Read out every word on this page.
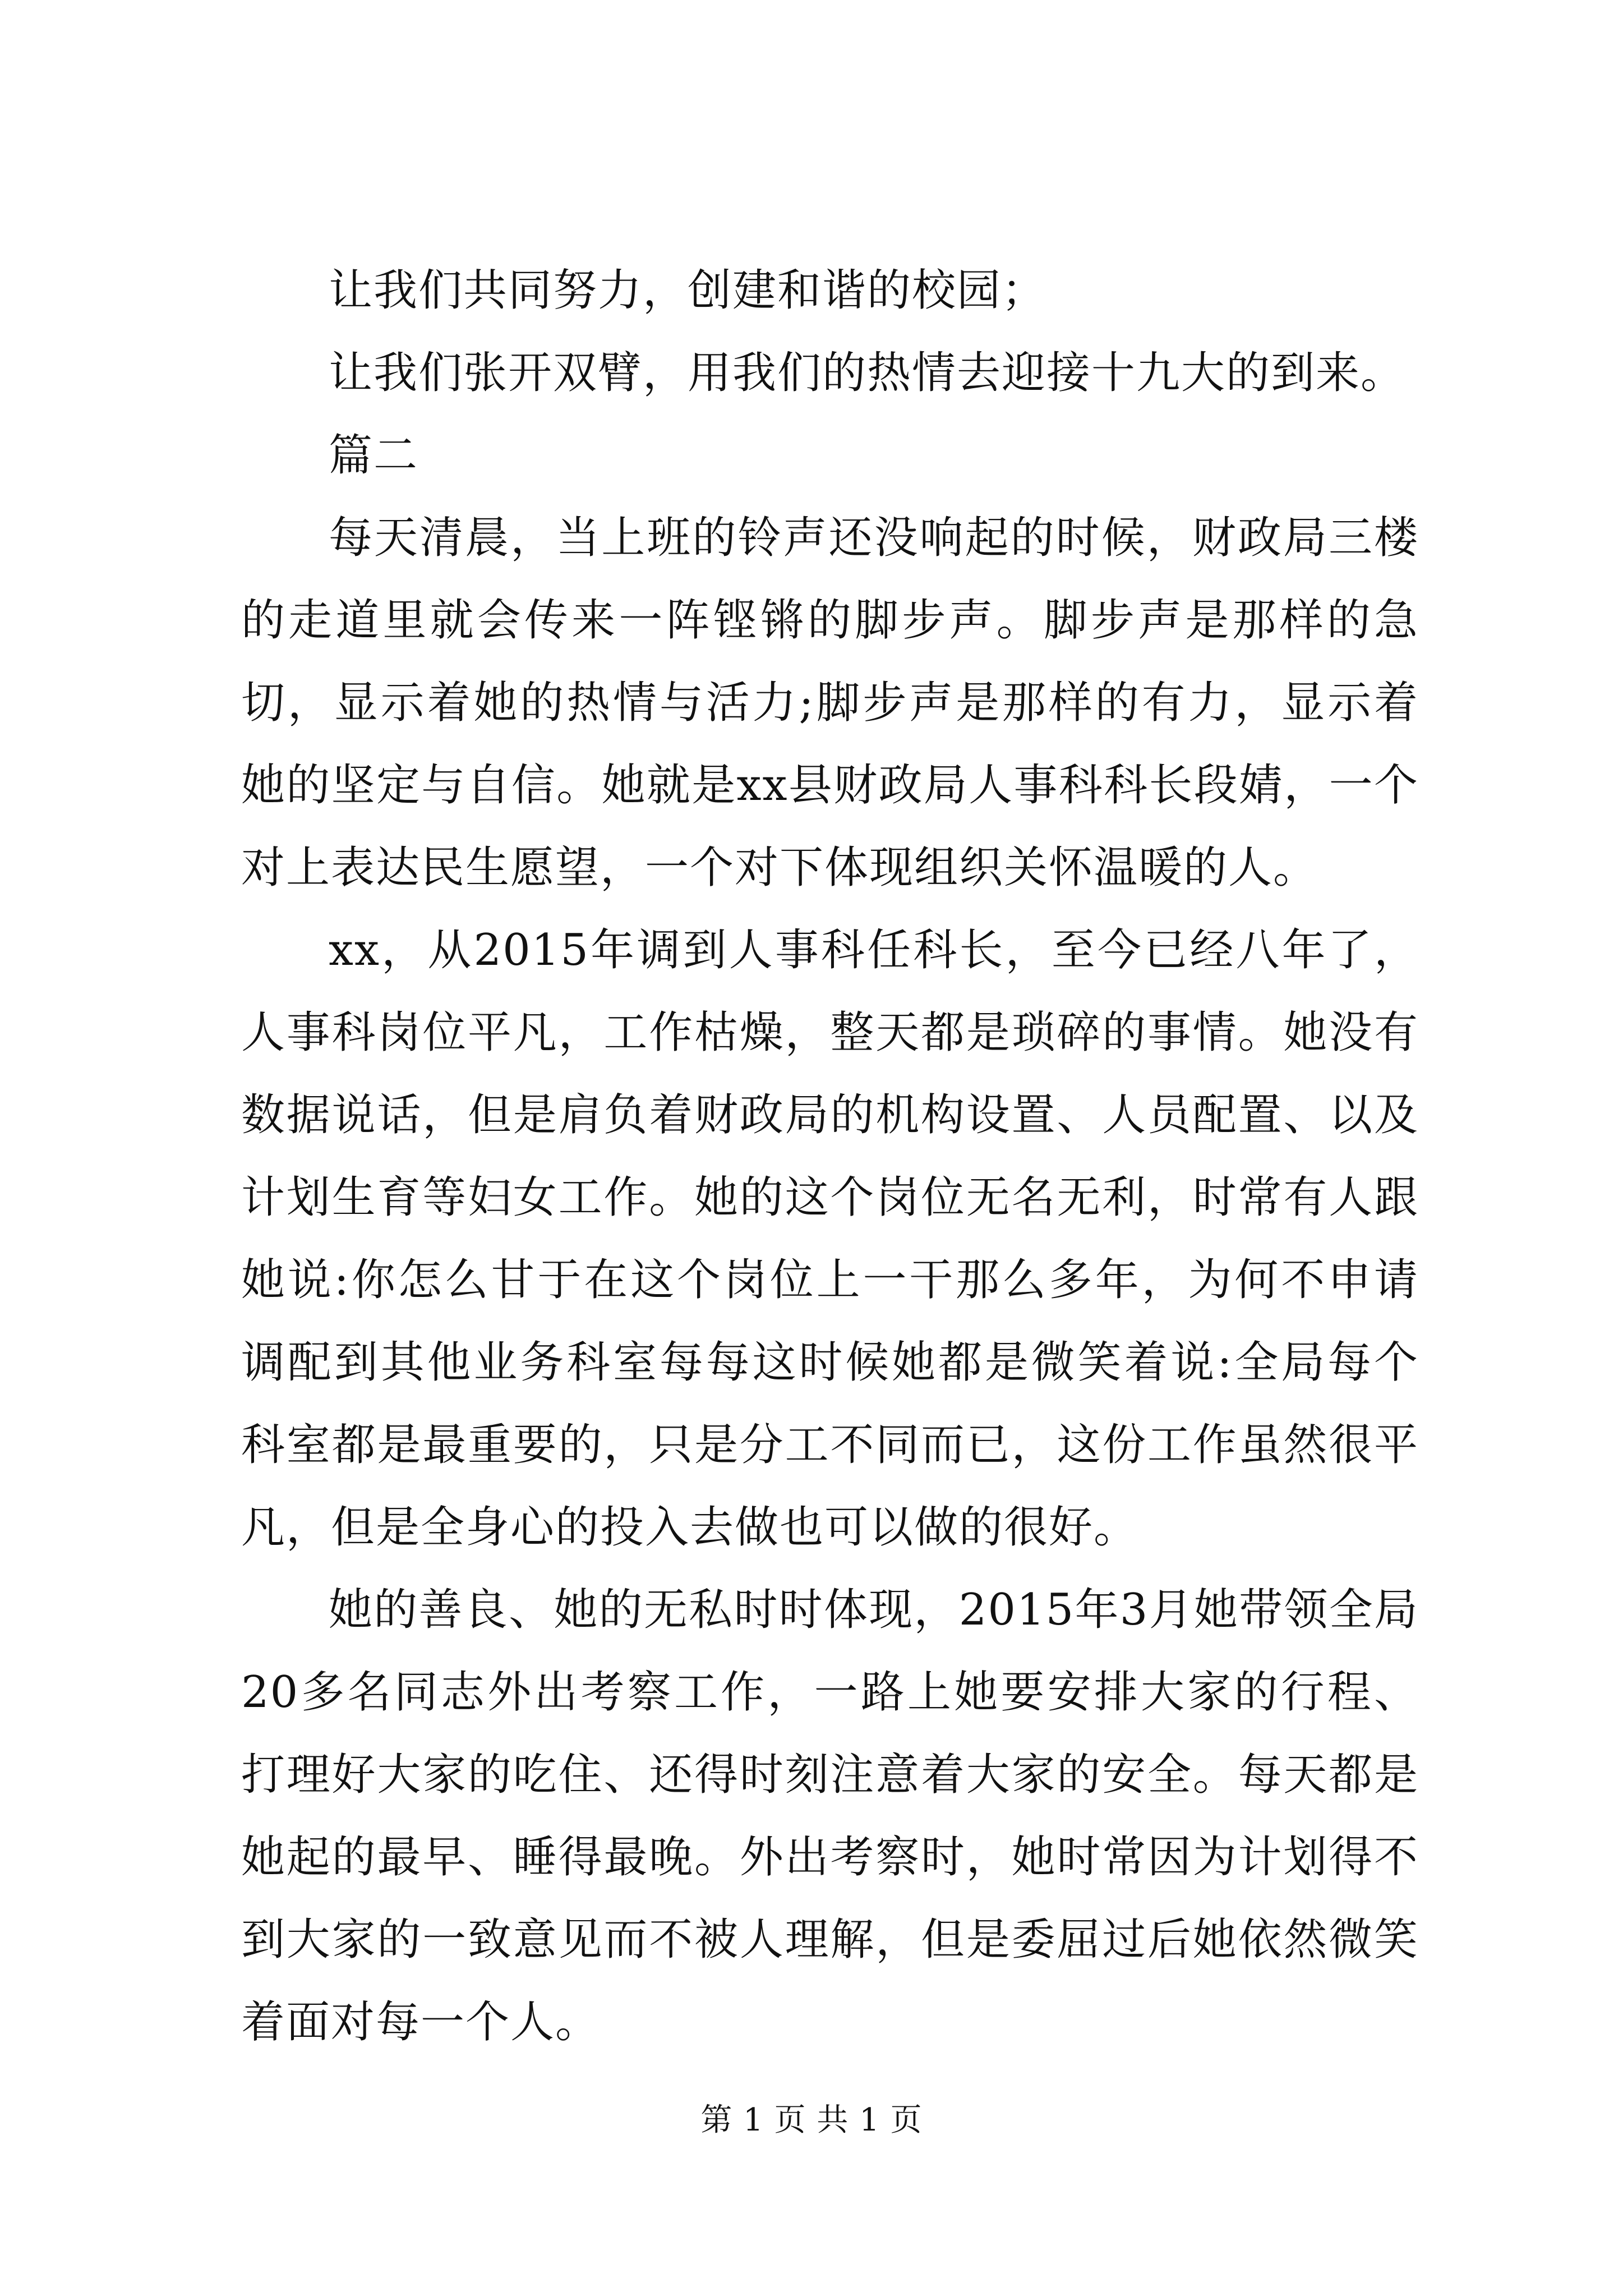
让我们共同努力，创建和谐的校园；

让我们张开双臂，用我们的热情去迎接十九大的到来。

篇二

每天清晨，当上班的铃声还没响起的时候，财政局三楼的走道里就会传来一阵铿锵的脚步声。脚步声是那样的急切，显示着她的热情与活力;脚步声是那样的有力，显示着她的坚定与自信。她就是xx县财政局人事科科长段婧，一个对上表达民生愿望，一个对下体现组织关怀温暖的人。

xx，从2015年调到人事科任科长，至今已经八年了，人事科岗位平凡，工作枯燥，整天都是琐碎的事情。她没有数据说话，但是肩负着财政局的机构设置、人员配置、以及计划生育等妇女工作。她的这个岗位无名无利，时常有人跟她说:你怎么甘于在这个岗位上一干那么多年，为何不申请调配到其他业务科室每每这时候她都是微笑着说:全局每个科室都是最重要的，只是分工不同而已，这份工作虽然很平凡，但是全身心的投入去做也可以做的很好。

她的善良、她的无私时时体现，2015年3月她带领全局20多名同志外出考察工作，一路上她要安排大家的行程、打理好大家的吃住、还得时刻注意着大家的安全。每天都是她起的最早、睡得最晚。外出考察时，她时常因为计划得不到大家的一致意见而不被人理解，但是委屈过后她依然微笑着面对每一个人。

第 1 页 共 1 页
